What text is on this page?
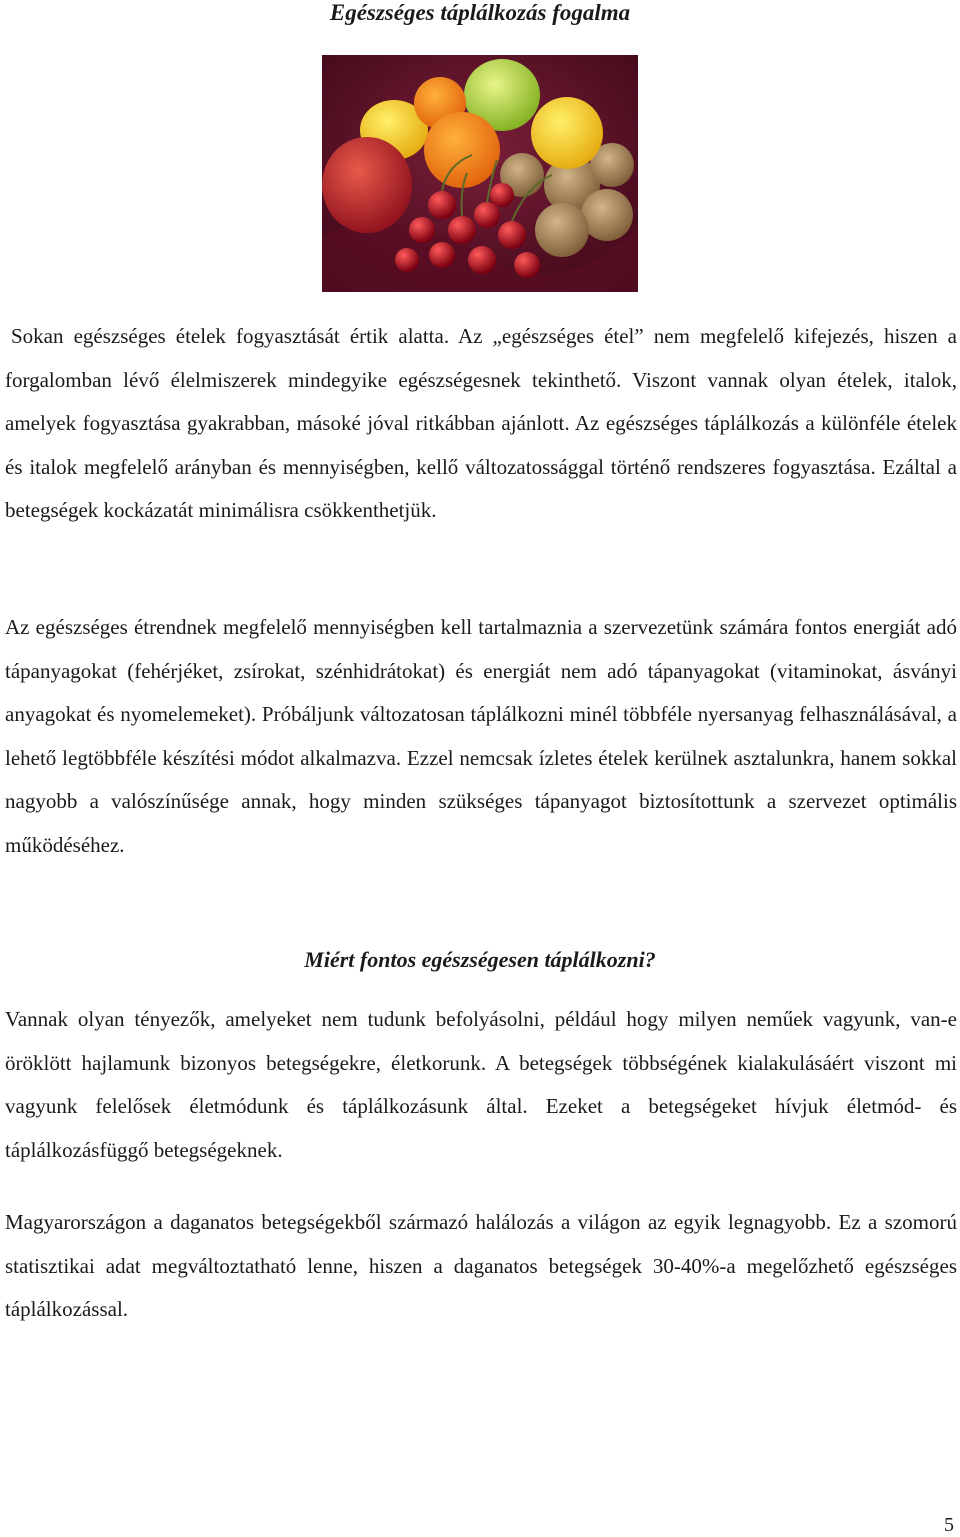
Egészséges táplálkozás fogalma

Sokan egészséges ételek fogyasztását értik alatta. Az „egészséges étel” nem megfelelő kifejezés, hiszen a forgalomban lévő élelmiszerek mindegyike egészségesnek tekinthető. Viszont vannak olyan ételek, italok, amelyek fogyasztása gyakrabban, másoké jóval ritkábban ajánlott. Az egészséges táplálkozás a különféle ételek és italok megfelelő arányban és mennyiségben, kellő változatossággal történő rendszeres fogyasztása. Ezáltal a betegségek kockázatát minimálisra csökkenthetjük.

Az egészséges étrendnek megfelelő mennyiségben kell tartalmaznia a szervezetünk számára fontos energiát adó tápanyagokat (fehérjéket, zsírokat, szénhidrátokat) és energiát nem adó tápanyagokat (vitaminokat, ásványi anyagokat és nyomelemeket). Próbáljunk változatosan táplálkozni minél többféle nyersanyag felhasználásával, a lehető legtöbbféle készítési módot alkalmazva. Ezzel nemcsak ízletes ételek kerülnek asztalunkra, hanem sokkal nagyobb a valószínűsége annak, hogy minden szükséges tápanyagot biztosítottunk a szervezet optimális működéséhez.

Miért fontos egészségesen táplálkozni?

Vannak olyan tényezők, amelyeket nem tudunk befolyásolni, például hogy milyen neműek vagyunk, van-e öröklött hajlamunk bizonyos betegségekre, életkorunk. A betegségek többségének kialakulásáért viszont mi vagyunk felelősek életmódunk és táplálkozásunk által. Ezeket a betegségeket hívjuk életmód- és táplálkozásfüggő betegségeknek.

Magyarországon a daganatos betegségekből származó halálozás a világon az egyik legnagyobb. Ez a szomorú statisztikai adat megváltoztatható lenne, hiszen a daganatos betegségek 30-40%-a megelőzhető egészséges táplálkozással.

5
